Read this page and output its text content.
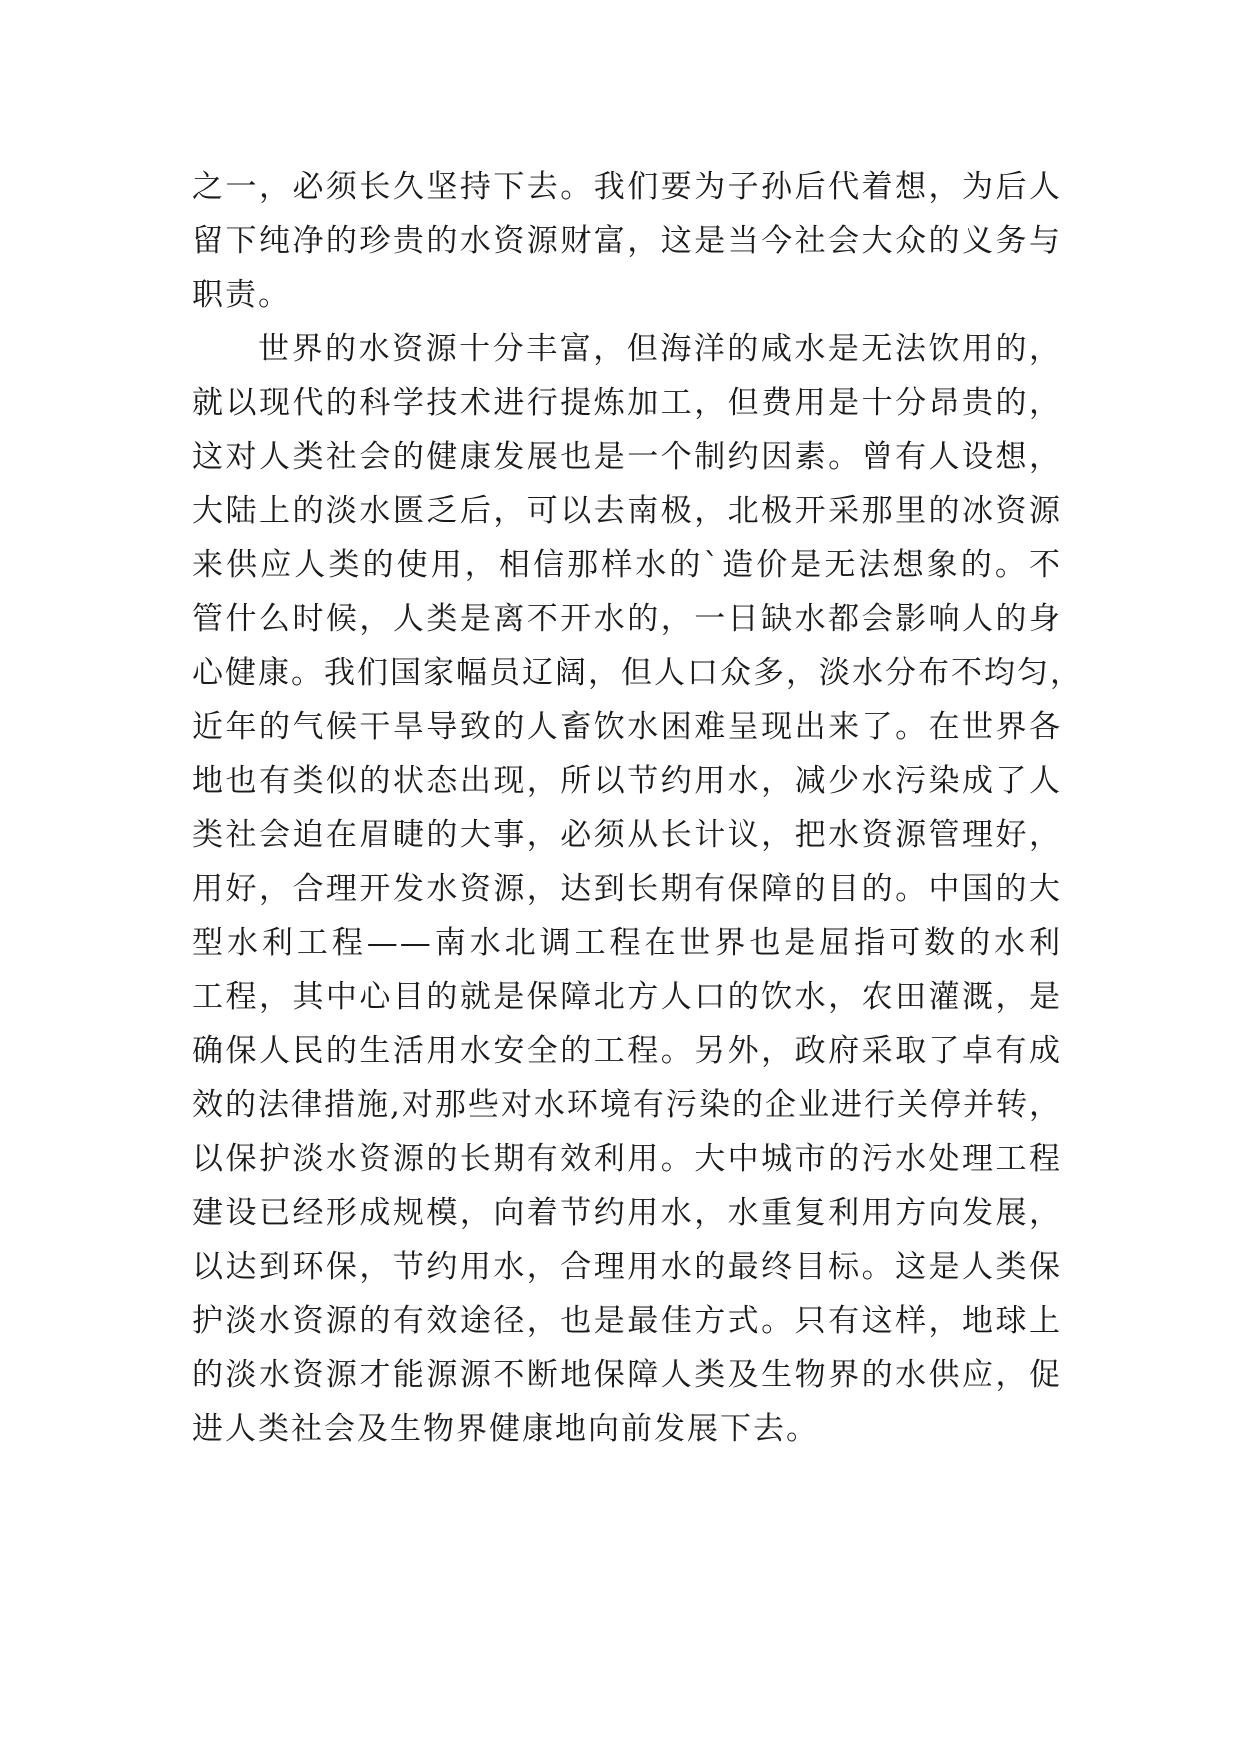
之一，必须长久坚持下去。我们要为子孙后代着想，为后人
留下纯净的珍贵的水资源财富，这是当今社会大众的义务与
职责。
世界的水资源十分丰富，但海洋的咸水是无法饮用的，
就以现代的科学技术进行提炼加工，但费用是十分昂贵的，
这对人类社会的健康发展也是一个制约因素。曾有人设想，
大陆上的淡水匮乏后，可以去南极，北极开采那里的冰资源
来供应人类的使用，相信那样水的`造价是无法想象的。不
管什么时候，人类是离不开水的，一日缺水都会影响人的身
心健康。我们国家幅员辽阔，但人口众多，淡水分布不均匀，
近年的气候干旱导致的人畜饮水困难呈现出来了。在世界各
地也有类似的状态出现，所以节约用水，减少水污染成了人
类社会迫在眉睫的大事，必须从长计议，把水资源管理好，
用好，合理开发水资源，达到长期有保障的目的。中国的大
型水利工程——南水北调工程在世界也是屈指可数的水利
工程，其中心目的就是保障北方人口的饮水，农田灌溉，是
确保人民的生活用水安全的工程。另外，政府采取了卓有成
效的法律措施,对那些对水环境有污染的企业进行关停并转，
以保护淡水资源的长期有效利用。大中城市的污水处理工程
建设已经形成规模，向着节约用水，水重复利用方向发展，
以达到环保，节约用水，合理用水的最终目标。这是人类保
护淡水资源的有效途径，也是最佳方式。只有这样，地球上
的淡水资源才能源源不断地保障人类及生物界的水供应，促
进人类社会及生物界健康地向前发展下去。
